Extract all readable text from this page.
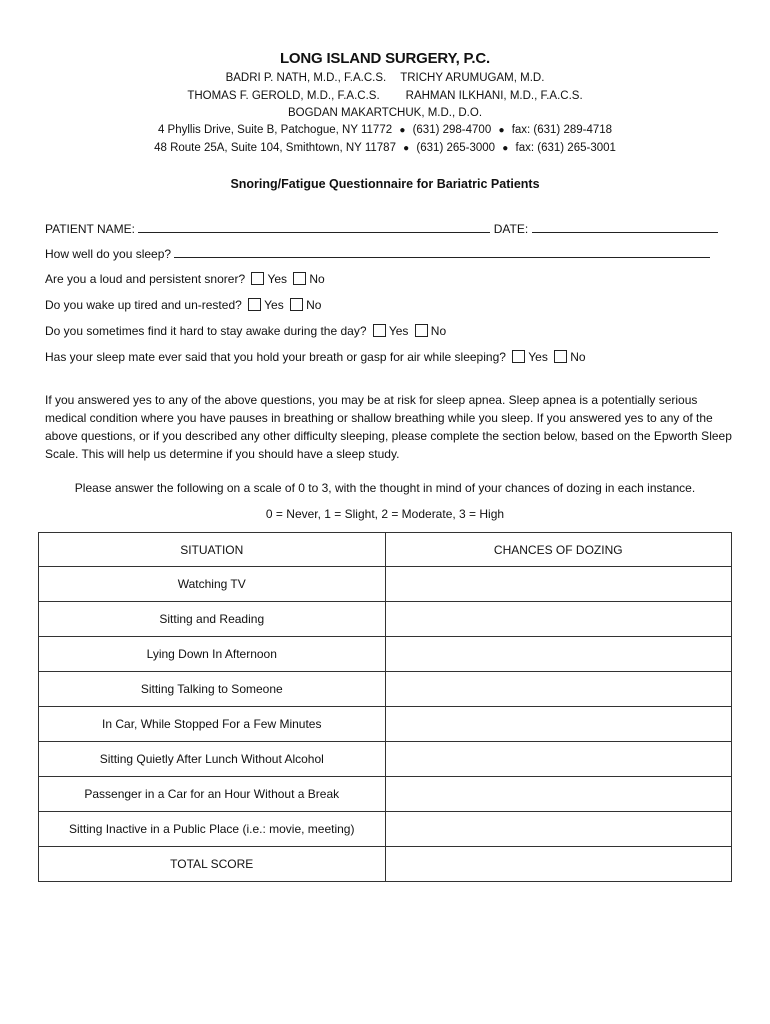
LONG ISLAND SURGERY, P.C.
BADRI P. NATH, M.D., F.A.C.S. TRICHY ARUMUGAM, M.D.
THOMAS F. GEROLD, M.D., F.A.C.S. RAHMAN ILKHANI, M.D., F.A.C.S.
BOGDAN MAKARTCHUK, M.D., D.O.
4 Phyllis Drive, Suite B, Patchogue, NY 11772 ● (631) 298-4700 ● fax: (631) 289-4718
48 Route 25A, Suite 104, Smithtown, NY 11787 ● (631) 265-3000 ● fax: (631) 265-3001
Snoring/Fatigue Questionnaire for Bariatric Patients
PATIENT NAME:	DATE:
How well do you sleep?
Are you a loud and persistent snorer? Yes No
Do you wake up tired and un-rested? Yes No
Do you sometimes find it hard to stay awake during the day? Yes No
Has your sleep mate ever said that you hold your breath or gasp for air while sleeping? Yes No
If you answered yes to any of the above questions, you may be at risk for sleep apnea. Sleep apnea is a potentially serious medical condition where you have pauses in breathing or shallow breathing while you sleep. If you answered yes to any of the above questions, or if you described any other difficulty sleeping, please complete the section below, based on the Epworth Sleep Scale. This will help us determine if you should have a sleep study.
Please answer the following on a scale of 0 to 3, with the thought in mind of your chances of dozing in each instance.
0 = Never, 1 = Slight, 2 = Moderate, 3 = High
SITUATION	CHANCES OF DOZING
Watching TV	
Sitting and Reading	
Lying Down In Afternoon	
Sitting Talking to Someone	
In Car, While Stopped For a Few Minutes	
Sitting Quietly After Lunch Without Alcohol	
Passenger in a Car for an Hour Without a Break	
Sitting Inactive in a Public Place (i.e.: movie, meeting)	
TOTAL SCORE	
